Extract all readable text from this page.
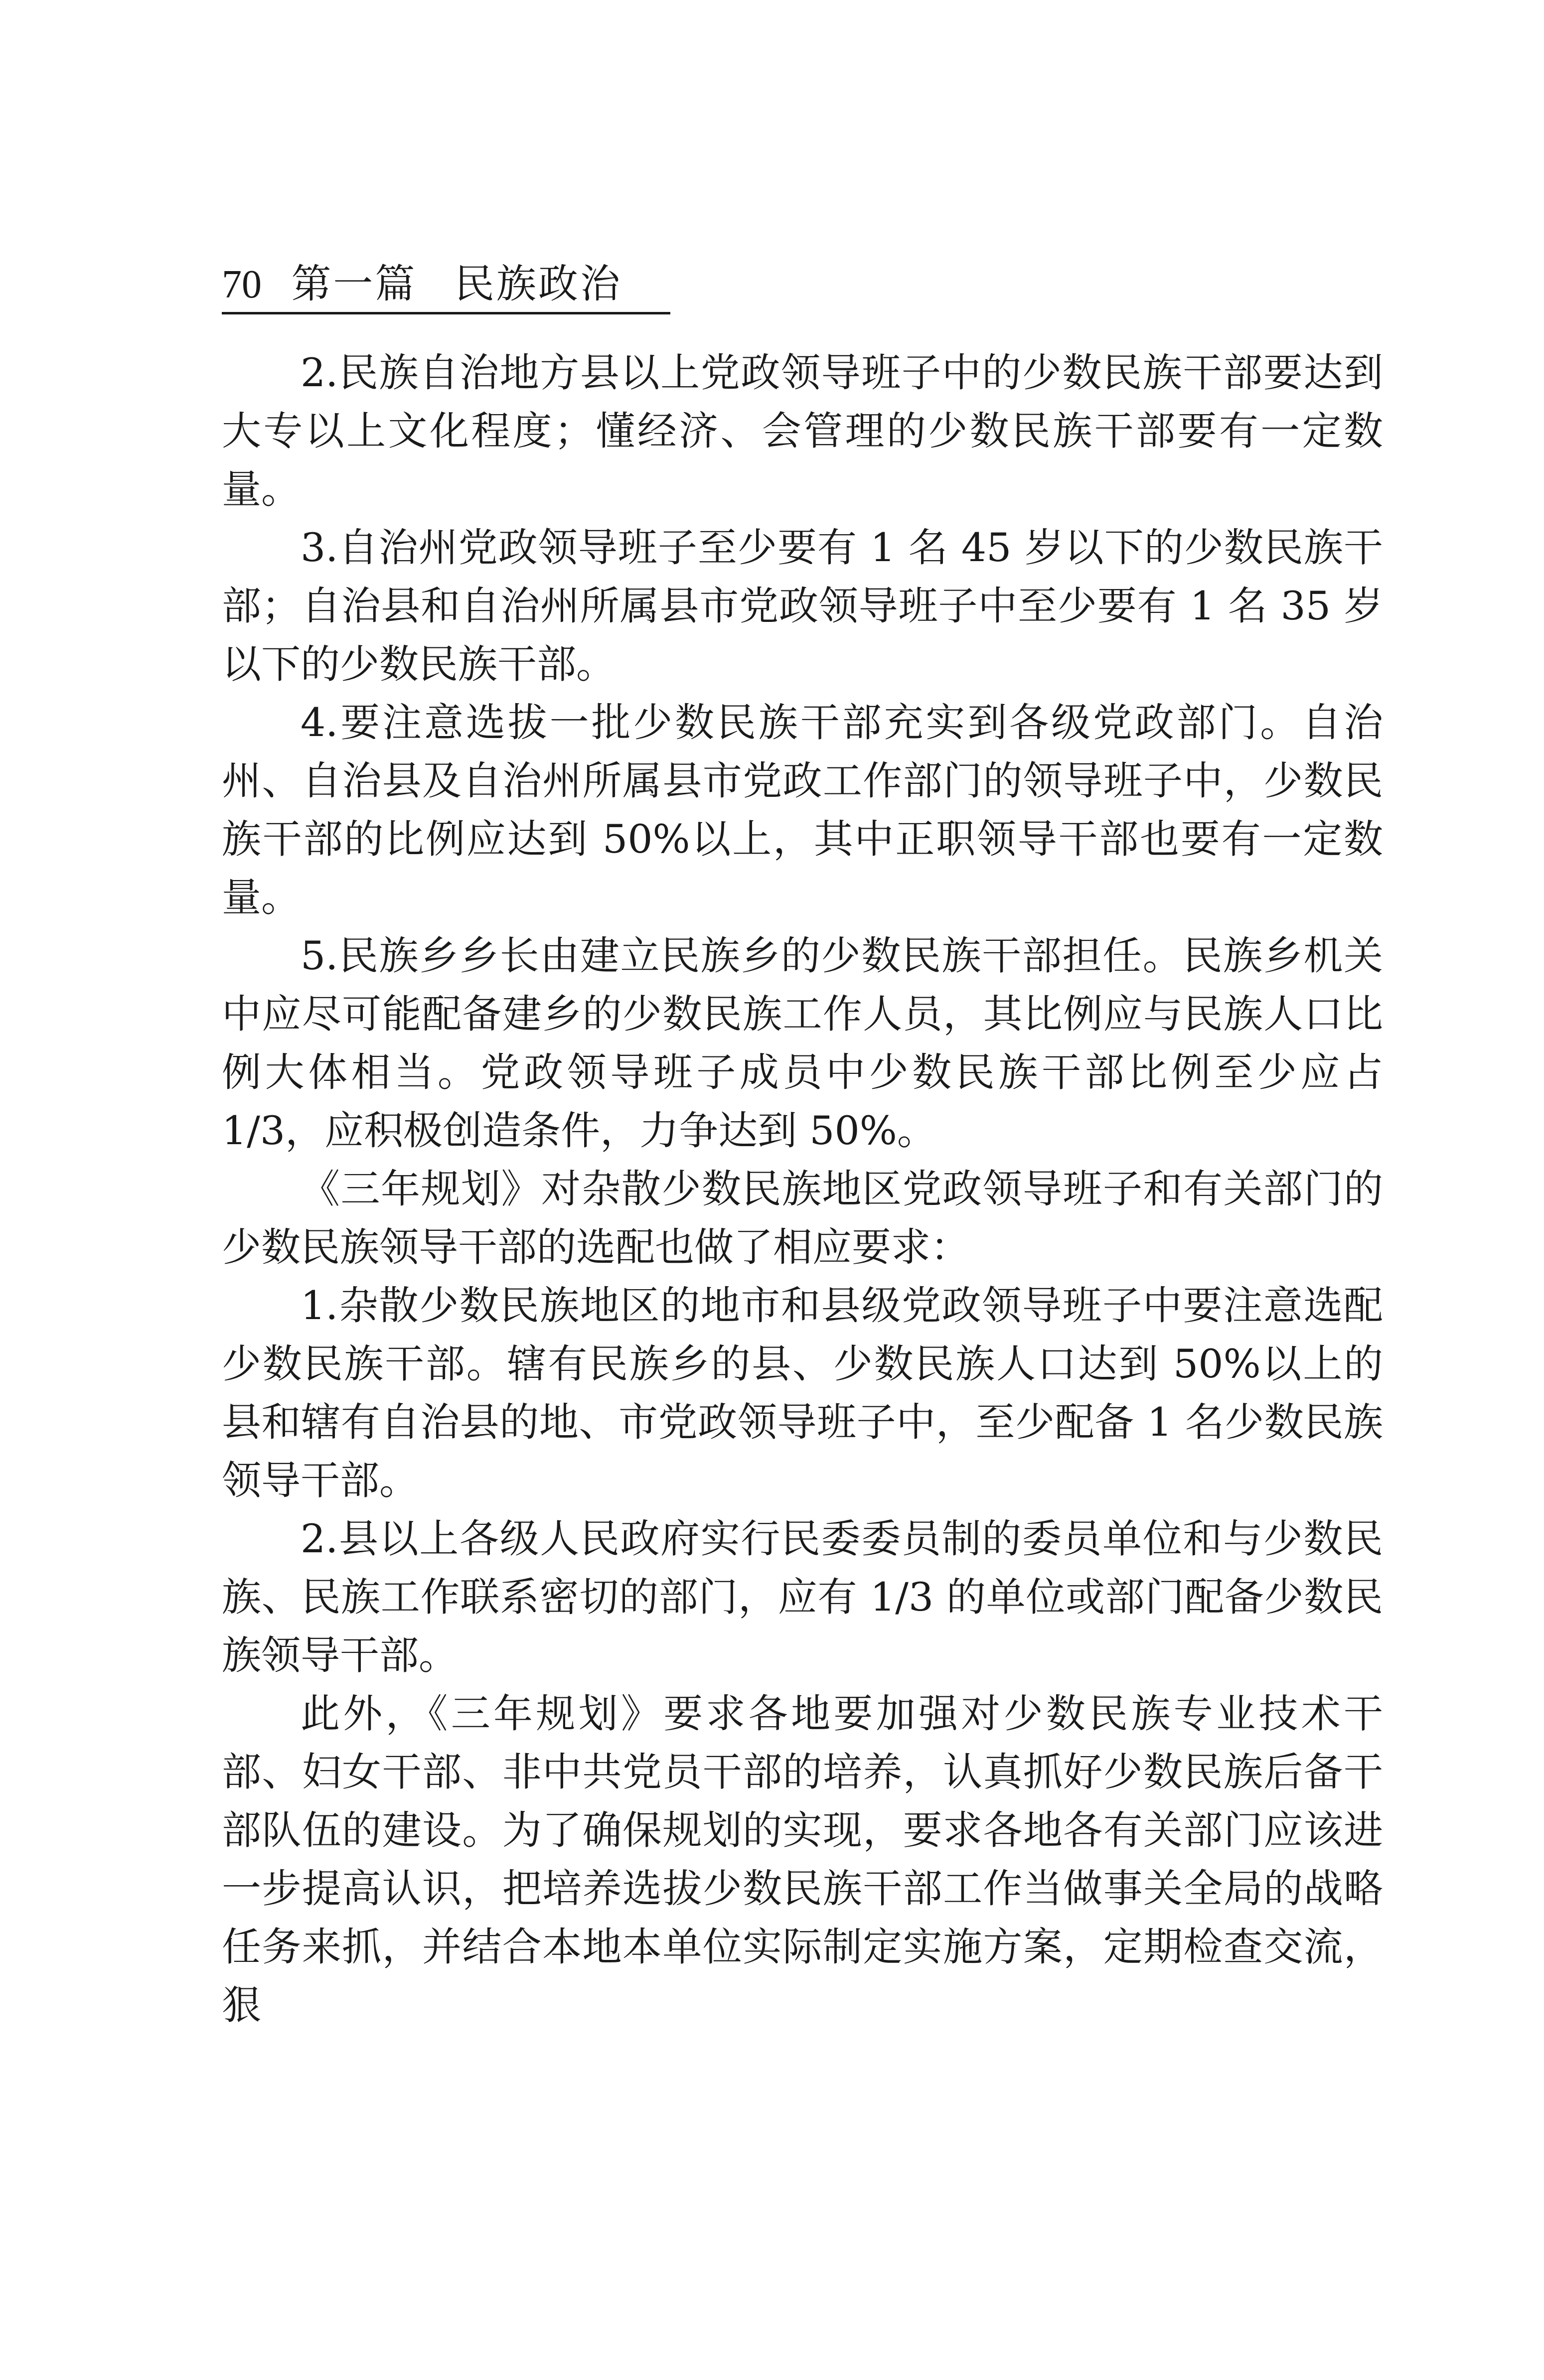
70 第一篇 民族政治

2.民族自治地方县以上党政领导班子中的少数民族干部要达到大专以上文化程度；懂经济、会管理的少数民族干部要有一定数量。

3.自治州党政领导班子至少要有 1 名 45 岁以下的少数民族干部；自治县和自治州所属县市党政领导班子中至少要有 1 名 35 岁以下的少数民族干部。

4.要注意选拔一批少数民族干部充实到各级党政部门。自治州、自治县及自治州所属县市党政工作部门的领导班子中，少数民族干部的比例应达到 50%以上，其中正职领导干部也要有一定数量。

5.民族乡乡长由建立民族乡的少数民族干部担任。民族乡机关中应尽可能配备建乡的少数民族工作人员，其比例应与民族人口比例大体相当。党政领导班子成员中少数民族干部比例至少应占 1/3，应积极创造条件，力争达到 50%。

《三年规划》对杂散少数民族地区党政领导班子和有关部门的少数民族领导干部的选配也做了相应要求：

1.杂散少数民族地区的地市和县级党政领导班子中要注意选配少数民族干部。辖有民族乡的县、少数民族人口达到 50%以上的县和辖有自治县的地、市党政领导班子中，至少配备 1 名少数民族领导干部。

2.县以上各级人民政府实行民委委员制的委员单位和与少数民族、民族工作联系密切的部门，应有 1/3 的单位或部门配备少数民族领导干部。

此外，《三年规划》要求各地要加强对少数民族专业技术干部、妇女干部、非中共党员干部的培养，认真抓好少数民族后备干部队伍的建设。为了确保规划的实现，要求各地各有关部门应该进一步提高认识，把培养选拔少数民族干部工作当做事关全局的战略任务来抓，并结合本地本单位实际制定实施方案，定期检查交流，狠
